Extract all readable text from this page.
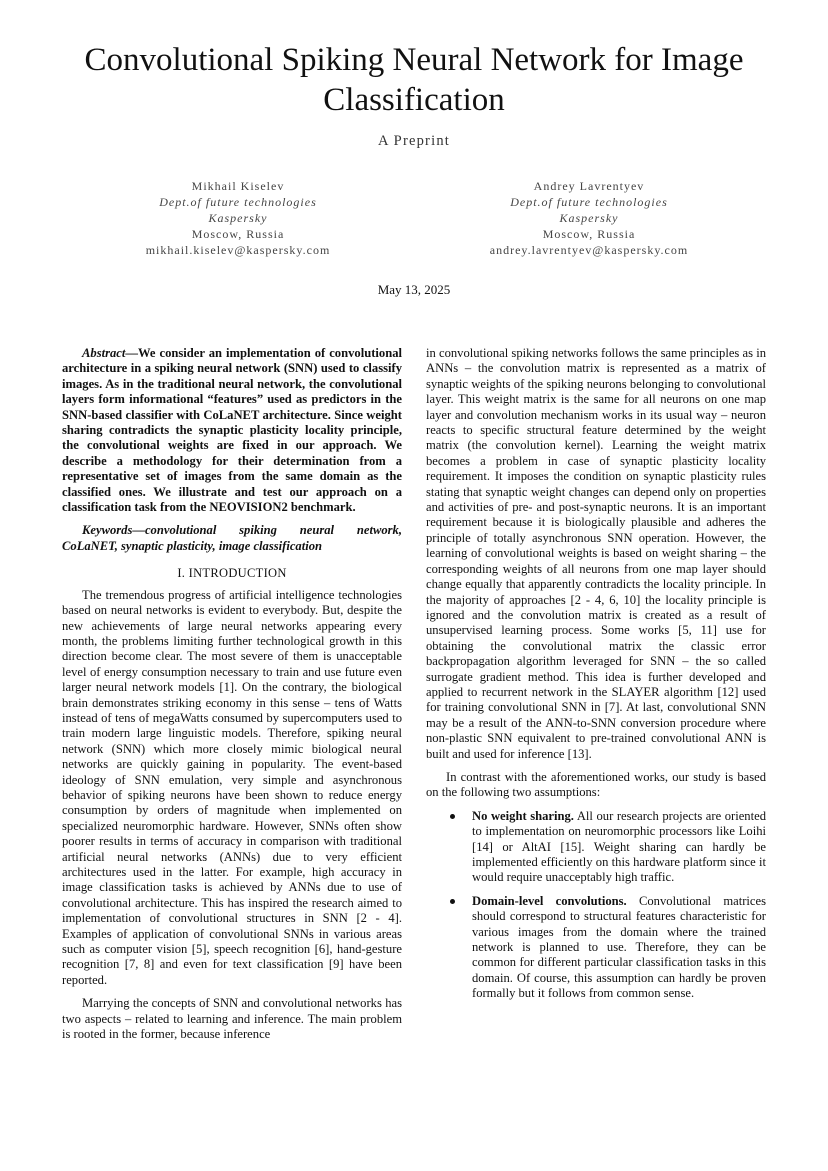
Convolutional Spiking Neural Network for Image Classification
A Preprint
Mikhail Kiselev
Dept.of future technologies
Kaspersky
Moscow, Russia
mikhail.kiselev@kaspersky.com
Andrey Lavrentyev
Dept.of future technologies
Kaspersky
Moscow, Russia
andrey.lavrentyev@kaspersky.com
May 13, 2025

Abstract—We consider an implementation of convolutional architecture in a spiking neural network (SNN) used to classify images. As in the traditional neural network, the convolutional layers form informational “features” used as predictors in the SNN-based classifier with CoLaNET architecture. Since weight sharing contradicts the synaptic plasticity locality principle, the convolutional weights are fixed in our approach. We describe a methodology for their determination from a representative set of images from the same domain as the classified ones. We illustrate and test our approach on a classification task from the NEOVISION2 benchmark.

Keywords—convolutional spiking neural network, CoLaNET, synaptic plasticity, image classification

I. INTRODUCTION

The tremendous progress of artificial intelligence technologies based on neural networks is evident to everybody. But, despite the new achievements of large neural networks appearing every month, the problems limiting further technological growth in this direction become clear. The most severe of them is unacceptable level of energy consumption necessary to train and use future even larger neural network models [1]. On the contrary, the biological brain demonstrates striking economy in this sense – tens of Watts instead of tens of megaWatts consumed by supercomputers used to train modern large linguistic models. Therefore, spiking neural network (SNN) which more closely mimic biological neural networks are quickly gaining in popularity. The event-based ideology of SNN emulation, very simple and asynchronous behavior of spiking neurons have been shown to reduce energy consumption by orders of magnitude when implemented on specialized neuromorphic hardware. However, SNNs often show poorer results in terms of accuracy in comparison with traditional artificial neural networks (ANNs) due to very efficient architectures used in the latter. For example, high accuracy in image classification tasks is achieved by ANNs due to use of convolutional architecture. This has inspired the research aimed to implementation of convolutional structures in SNN [2 - 4]. Examples of application of convolutional SNNs in various areas such as computer vision [5], speech recognition [6], hand-gesture recognition [7, 8] and even for text classification [9] have been reported.

Marrying the concepts of SNN and convolutional networks has two aspects – related to learning and inference. The main problem is rooted in the former, because inference

in convolutional spiking networks follows the same principles as in ANNs – the convolution matrix is represented as a matrix of synaptic weights of the spiking neurons belonging to convolutional layer. This weight matrix is the same for all neurons on one map layer and convolution mechanism works in its usual way – neuron reacts to specific structural feature determined by the weight matrix (the convolution kernel). Learning the weight matrix becomes a problem in case of synaptic plasticity locality requirement. It imposes the condition on synaptic plasticity rules stating that synaptic weight changes can depend only on properties and activities of pre- and post-synaptic neurons. It is an important requirement because it is biologically plausible and adheres the principle of totally asynchronous SNN operation. However, the learning of convolutional weights is based on weight sharing – the corresponding weights of all neurons from one map layer should change equally that apparently contradicts the locality principle. In the majority of approaches [2 - 4, 6, 10] the locality principle is ignored and the convolution matrix is created as a result of unsupervised learning process. Some works [5, 11] use for obtaining the convolutional matrix the classic error backpropagation algorithm leveraged for SNN – the so called surrogate gradient method. This idea is further developed and applied to recurrent network in the SLAYER algorithm [12] used for training convolutional SNN in [7]. At last, convolutional SNN may be a result of the ANN-to-SNN conversion procedure where non-plastic SNN equivalent to pre-trained convolutional ANN is built and used for inference [13].

In contrast with the aforementioned works, our study is based on the following two assumptions:

No weight sharing. All our research projects are oriented to implementation on neuromorphic processors like Loihi [14] or AltAI [15]. Weight sharing can hardly be implemented efficiently on this hardware platform since it would require unacceptably high traffic.
Domain-level convolutions. Convolutional matrices should correspond to structural features characteristic for various images from the domain where the trained network is planned to use. Therefore, they can be common for different particular classification tasks in this domain. Of course, this assumption can hardly be proven formally but it follows from common sense.
